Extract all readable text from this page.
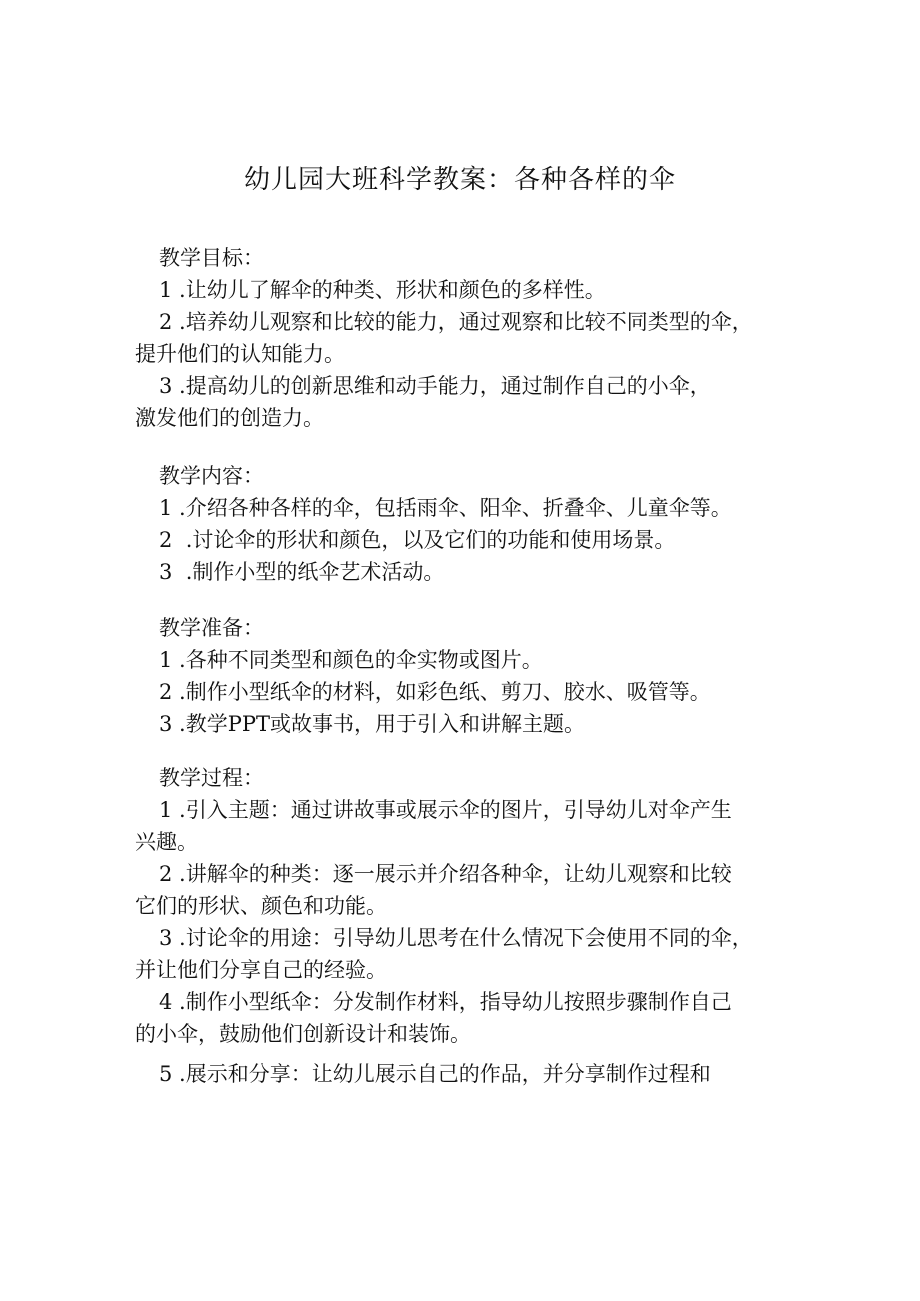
幼儿园大班科学教案：各种各样的伞

教学目标：

1 .让幼儿了解伞的种类、形状和颜色的多样性。

2 .培养幼儿观察和比较的能力，通过观察和比较不同类型的伞，
提升他们的认知能力。

3 .提高幼儿的创新思维和动手能力，通过制作自己的小伞，
激发他们的创造力。

教学内容：

1 .介绍各种各样的伞，包括雨伞、阳伞、折叠伞、儿童伞等。

2  .讨论伞的形状和颜色，以及它们的功能和使用场景。

3  .制作小型的纸伞艺术活动。

教学准备：

1 .各种不同类型和颜色的伞实物或图片。

2 .制作小型纸伞的材料，如彩色纸、剪刀、胶水、吸管等。

3 .教学PPT或故事书，用于引入和讲解主题。

教学过程：

1 .引入主题：通过讲故事或展示伞的图片，引导幼儿对伞产生
兴趣。

2 .讲解伞的种类：逐一展示并介绍各种伞，让幼儿观察和比较
它们的形状、颜色和功能。

3 .讨论伞的用途：引导幼儿思考在什么情况下会使用不同的伞，
并让他们分享自己的经验。

4 .制作小型纸伞：分发制作材料，指导幼儿按照步骤制作自己
的小伞，鼓励他们创新设计和装饰。

5 .展示和分享：让幼儿展示自己的作品，并分享制作过程和
